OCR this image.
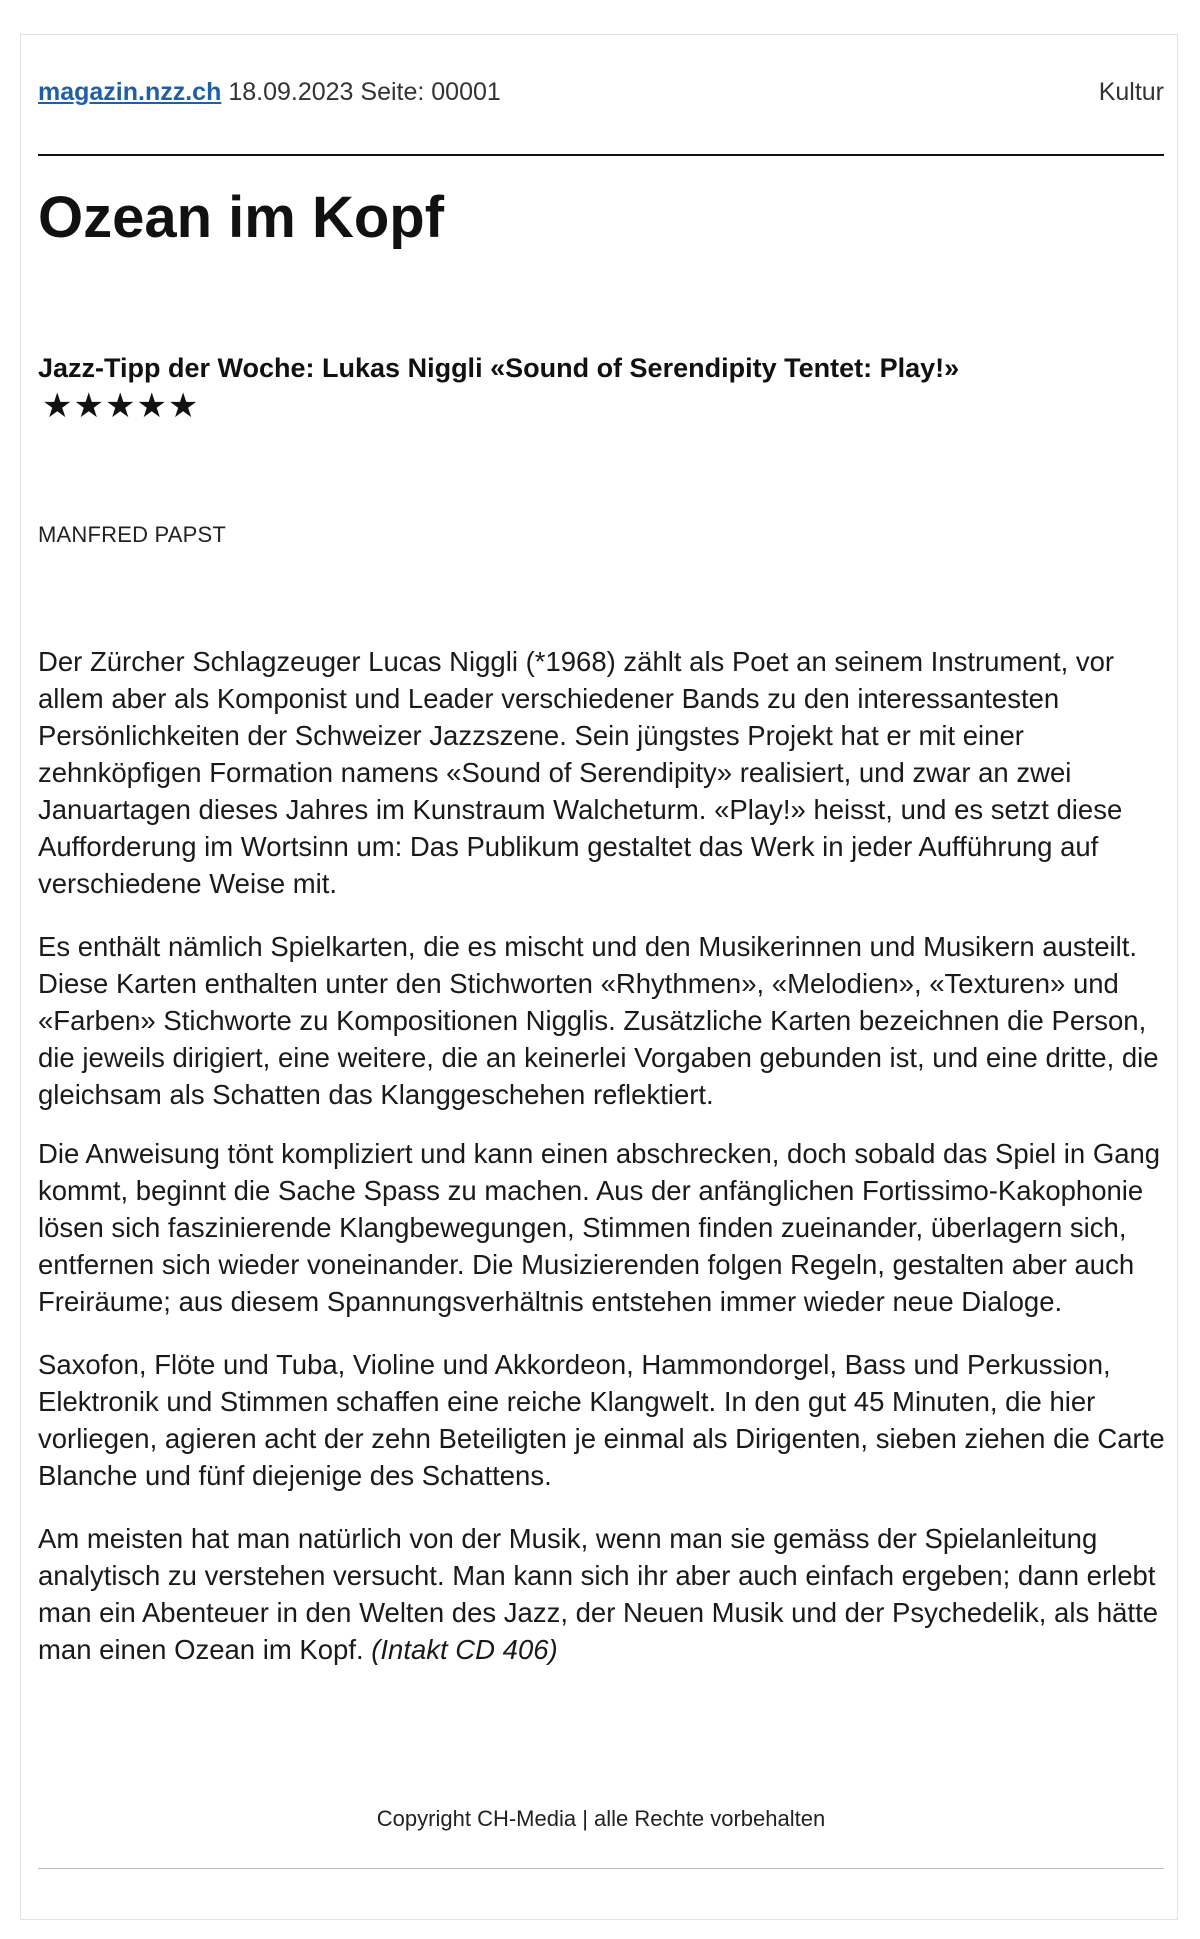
magazin.nzz.ch 18.09.2023 Seite: 00001	Kultur
Ozean im Kopf
Jazz-Tipp der Woche: Lukas Niggli «Sound of Serendipity Tentet: Play!»
★★★★★
MANFRED PAPST

Der Zürcher Schlagzeuger Lucas Niggli (*1968) zählt als Poet an seinem Instrument, vor allem aber als Komponist und Leader verschiedener Bands zu den interessantesten Persönlichkeiten der Schweizer Jazzszene. Sein jüngstes Projekt hat er mit einer zehnköpfigen Formation namens «Sound of Serendipity» realisiert, und zwar an zwei Januartagen dieses Jahres im Kunstraum Walcheturm. «Play!» heisst, und es setzt diese Aufforderung im Wortsinn um: Das Publikum gestaltet das Werk in jeder Aufführung auf verschiedene Weise mit.

Es enthält nämlich Spielkarten, die es mischt und den Musikerinnen und Musikern austeilt. Diese Karten enthalten unter den Stichworten «Rhythmen», «Melodien», «Texturen» und «Farben» Stichworte zu Kompositionen Nigglis. Zusätzliche Karten bezeichnen die Person, die jeweils dirigiert, eine weitere, die an keinerlei Vorgaben gebunden ist, und eine dritte, die gleichsam als Schatten das Klanggeschehen reflektiert.

Die Anweisung tönt kompliziert und kann einen abschrecken, doch sobald das Spiel in Gang kommt, beginnt die Sache Spass zu machen. Aus der anfänglichen Fortissimo-Kakophonie lösen sich faszinierende Klangbewegungen, Stimmen finden zueinander, überlagern sich, entfernen sich wieder voneinander. Die Musizierenden folgen Regeln, gestalten aber auch Freiräume; aus diesem Spannungsverhältnis entstehen immer wieder neue Dialoge.

Saxofon, Flöte und Tuba, Violine und Akkordeon, Hammondorgel, Bass und Perkussion, Elektronik und Stimmen schaffen eine reiche Klangwelt. In den gut 45 Minuten, die hier vorliegen, agieren acht der zehn Beteiligten je einmal als Dirigenten, sieben ziehen die Carte Blanche und fünf diejenige des Schattens.

Am meisten hat man natürlich von der Musik, wenn man sie gemäss der Spielanleitung analytisch zu verstehen versucht. Man kann sich ihr aber auch einfach ergeben; dann erlebt man ein Abenteuer in den Welten des Jazz, der Neuen Musik und der Psychedelik, als hätte man einen Ozean im Kopf. (Intakt CD 406)

Copyright CH-Media | alle Rechte vorbehalten
